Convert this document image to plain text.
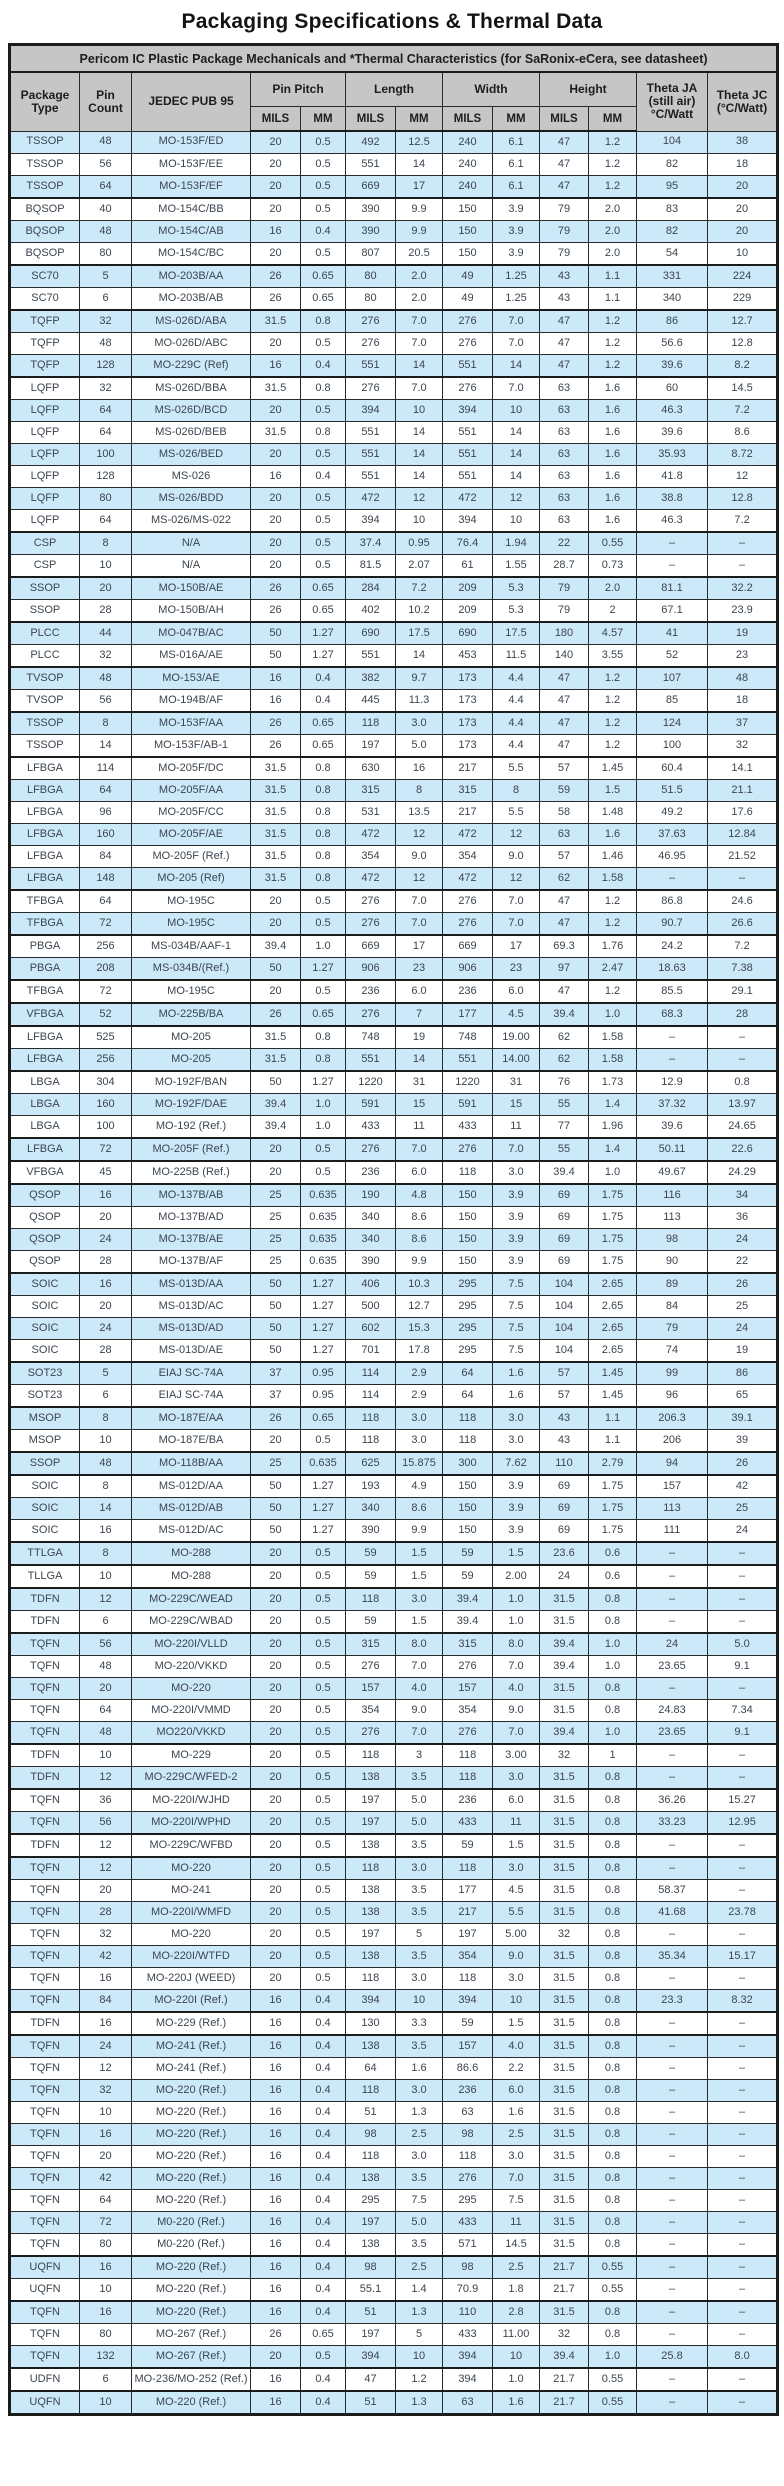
Packaging Specifications & Thermal Data
Pericom IC Plastic Package Mechanicals and *Thermal Characteristics (for SaRonix-eCera, see datasheet)												
Package Type	Pin Count	JEDEC PUB 95	Pin Pitch		Length		Width		Height		Theta JA (still air) °C/Watt	Theta JC (°C/Watt)
			MILS	MM	MILS	MM	MILS	MM	MILS	MM		
TSSOP	48	MO-153F/ED	20	0.5	492	12.5	240	6.1	47	1.2	104	38
TSSOP	56	MO-153F/EE	20	0.5	551	14	240	6.1	47	1.2	82	18
TSSOP	64	MO-153F/EF	20	0.5	669	17	240	6.1	47	1.2	95	20
BQSOP	40	MO-154C/BB	20	0.5	390	9.9	150	3.9	79	2.0	83	20
BQSOP	48	MO-154C/AB	16	0.4	390	9.9	150	3.9	79	2.0	82	20
BQSOP	80	MO-154C/BC	20	0.5	807	20.5	150	3.9	79	2.0	54	10
SC70	5	MO-203B/AA	26	0.65	80	2.0	49	1.25	43	1.1	331	224
SC70	6	MO-203B/AB	26	0.65	80	2.0	49	1.25	43	1.1	340	229
TQFP	32	MS-026D/ABA	31.5	0.8	276	7.0	276	7.0	47	1.2	86	12.7
TQFP	48	MO-026D/ABC	20	0.5	276	7.0	276	7.0	47	1.2	56.6	12.8
TQFP	128	MO-229C (Ref)	16	0.4	551	14	551	14	47	1.2	39.6	8.2
LQFP	32	MS-026D/BBA	31.5	0.8	276	7.0	276	7.0	63	1.6	60	14.5
LQFP	64	MS-026D/BCD	20	0.5	394	10	394	10	63	1.6	46.3	7.2
LQFP	64	MS-026D/BEB	31.5	0.8	551	14	551	14	63	1.6	39.6	8.6
LQFP	100	MS-026/BED	20	0.5	551	14	551	14	63	1.6	35.93	8.72
LQFP	128	MS-026	16	0.4	551	14	551	14	63	1.6	41.8	12
LQFP	80	MS-026/BDD	20	0.5	472	12	472	12	63	1.6	38.8	12.8
LQFP	64	MS-026/MS-022	20	0.5	394	10	394	10	63	1.6	46.3	7.2
CSP	8	N/A	20	0.5	37.4	0.95	76.4	1.94	22	0.55	–	–
CSP	10	N/A	20	0.5	81.5	2.07	61	1.55	28.7	0.73	–	–
SSOP	20	MO-150B/AE	26	0.65	284	7.2	209	5.3	79	2.0	81.1	32.2
SSOP	28	MO-150B/AH	26	0.65	402	10.2	209	5.3	79	2	67.1	23.9
PLCC	44	MO-047B/AC	50	1.27	690	17.5	690	17.5	180	4.57	41	19
PLCC	32	MS-016A/AE	50	1.27	551	14	453	11.5	140	3.55	52	23
TVSOP	48	MO-153/AE	16	0.4	382	9.7	173	4.4	47	1.2	107	48
TVSOP	56	MO-194B/AF	16	0.4	445	11.3	173	4.4	47	1.2	85	18
TSSOP	8	MO-153F/AA	26	0.65	118	3.0	173	4.4	47	1.2	124	37
TSSOP	14	MO-153F/AB-1	26	0.65	197	5.0	173	4.4	47	1.2	100	32
LFBGA	114	MO-205F/DC	31.5	0.8	630	16	217	5.5	57	1.45	60.4	14.1
LFBGA	64	MO-205F/AA	31.5	0.8	315	8	315	8	59	1.5	51.5	21.1
LFBGA	96	MO-205F/CC	31.5	0.8	531	13.5	217	5.5	58	1.48	49.2	17.6
LFBGA	160	MO-205F/AE	31.5	0.8	472	12	472	12	63	1.6	37.63	12.84
LFBGA	84	MO-205F (Ref.)	31.5	0.8	354	9.0	354	9.0	57	1.46	46.95	21.52
LFBGA	148	MO-205 (Ref)	31.5	0.8	472	12	472	12	62	1.58	–	–
TFBGA	64	MO-195C	20	0.5	276	7.0	276	7.0	47	1.2	86.8	24.6
TFBGA	72	MO-195C	20	0.5	276	7.0	276	7.0	47	1.2	90.7	26.6
PBGA	256	MS-034B/AAF-1	39.4	1.0	669	17	669	17	69.3	1.76	24.2	7.2
PBGA	208	MS-034B/(Ref.)	50	1.27	906	23	906	23	97	2.47	18.63	7.38
TFBGA	72	MO-195C	20	0.5	236	6.0	236	6.0	47	1.2	85.5	29.1
VFBGA	52	MO-225B/BA	26	0.65	276	7	177	4.5	39.4	1.0	68.3	28
LFBGA	525	MO-205	31.5	0.8	748	19	748	19.00	62	1.58	–	–
LFBGA	256	MO-205	31.5	0.8	551	14	551	14.00	62	1.58	–	–
LBGA	304	MO-192F/BAN	50	1.27	1220	31	1220	31	76	1.73	12.9	0.8
LBGA	160	MO-192F/DAE	39.4	1.0	591	15	591	15	55	1.4	37.32	13.97
LBGA	100	MO-192 (Ref.)	39.4	1.0	433	11	433	11	77	1.96	39.6	24.65
LFBGA	72	MO-205F (Ref.)	20	0.5	276	7.0	276	7.0	55	1.4	50.11	22.6
VFBGA	45	MO-225B (Ref.)	20	0.5	236	6.0	118	3.0	39.4	1.0	49.67	24.29
QSOP	16	MO-137B/AB	25	0.635	190	4.8	150	3.9	69	1.75	116	34
QSOP	20	MO-137B/AD	25	0.635	340	8.6	150	3.9	69	1.75	113	36
QSOP	24	MO-137B/AE	25	0.635	340	8.6	150	3.9	69	1.75	98	24
QSOP	28	MO-137B/AF	25	0.635	390	9.9	150	3.9	69	1.75	90	22
SOIC	16	MS-013D/AA	50	1.27	406	10.3	295	7.5	104	2.65	89	26
SOIC	20	MS-013D/AC	50	1.27	500	12.7	295	7.5	104	2.65	84	25
SOIC	24	MS-013D/AD	50	1.27	602	15.3	295	7.5	104	2.65	79	24
SOIC	28	MS-013D/AE	50	1.27	701	17.8	295	7.5	104	2.65	74	19
SOT23	5	EIAJ SC-74A	37	0.95	114	2.9	64	1.6	57	1.45	99	86
SOT23	6	EIAJ SC-74A	37	0.95	114	2.9	64	1.6	57	1.45	96	65
MSOP	8	MO-187E/AA	26	0.65	118	3.0	118	3.0	43	1.1	206.3	39.1
MSOP	10	MO-187E/BA	20	0.5	118	3.0	118	3.0	43	1.1	206	39
SSOP	48	MO-118B/AA	25	0.635	625	15.875	300	7.62	110	2.79	94	26
SOIC	8	MS-012D/AA	50	1.27	193	4.9	150	3.9	69	1.75	157	42
SOIC	14	MS-012D/AB	50	1.27	340	8.6	150	3.9	69	1.75	113	25
SOIC	16	MS-012D/AC	50	1.27	390	9.9	150	3.9	69	1.75	111	24
TTLGA	8	MO-288	20	0.5	59	1.5	59	1.5	23.6	0.6	–	–
TLLGA	10	MO-288	20	0.5	59	1.5	59	2.00	24	0.6	–	–
TDFN	12	MO-229C/WEAD	20	0.5	118	3.0	39.4	1.0	31.5	0.8	–	–
TDFN	6	MO-229C/WBAD	20	0.5	59	1.5	39.4	1.0	31.5	0.8	–	–
TQFN	56	MO-220I/VLLD	20	0.5	315	8.0	315	8.0	39.4	1.0	24	5.0
TQFN	48	MO-220/VKKD	20	0.5	276	7.0	276	7.0	39.4	1.0	23.65	9.1
TQFN	20	MO-220	20	0.5	157	4.0	157	4.0	31.5	0.8	–	–
TQFN	64	MO-220I/VMMD	20	0.5	354	9.0	354	9.0	31.5	0.8	24.83	7.34
TQFN	48	MO220/VKKD	20	0.5	276	7.0	276	7.0	39.4	1.0	23.65	9.1
TDFN	10	MO-229	20	0.5	118	3	118	3.00	32	1	–	–
TDFN	12	MO-229C/WFED-2	20	0.5	138	3.5	118	3.0	31.5	0.8	–	–
TQFN	36	MO-220I/WJHD	20	0.5	197	5.0	236	6.0	31.5	0.8	36.26	15.27
TQFN	56	MO-220I/WPHD	20	0.5	197	5.0	433	11	31.5	0.8	33.23	12.95
TDFN	12	MO-229C/WFBD	20	0.5	138	3.5	59	1.5	31.5	0.8	–	–
TQFN	12	MO-220	20	0.5	118	3.0	118	3.0	31.5	0.8	–	–
TQFN	20	MO-241	20	0.5	138	3.5	177	4.5	31.5	0.8	58.37	–
TQFN	28	MO-220I/WMFD	20	0.5	138	3.5	217	5.5	31.5	0.8	41.68	23.78
TQFN	32	MO-220	20	0.5	197	5	197	5.00	32	0.8	–	–
TQFN	42	MO-220I/WTFD	20	0.5	138	3.5	354	9.0	31.5	0.8	35.34	15.17
TQFN	16	MO-220J (WEED)	20	0.5	118	3.0	118	3.0	31.5	0.8	–	–
TQFN	84	MO-220I (Ref.)	16	0.4	394	10	394	10	31.5	0.8	23.3	8.32
TDFN	16	MO-229 (Ref.)	16	0.4	130	3.3	59	1.5	31.5	0.8	–	–
TQFN	24	MO-241 (Ref.)	16	0.4	138	3.5	157	4.0	31.5	0.8	–	–
TQFN	12	MO-241 (Ref.)	16	0.4	64	1.6	86.6	2.2	31.5	0.8	–	–
TQFN	32	MO-220 (Ref.)	16	0.4	118	3.0	236	6.0	31.5	0.8	–	–
TQFN	10	MO-220 (Ref.)	16	0.4	51	1.3	63	1.6	31.5	0.8	–	–
TQFN	16	MO-220 (Ref.)	16	0.4	98	2.5	98	2.5	31.5	0.8	–	–
TQFN	20	MO-220 (Ref.)	16	0.4	118	3.0	118	3.0	31.5	0.8	–	–
TQFN	42	MO-220 (Ref.)	16	0.4	138	3.5	276	7.0	31.5	0.8	–	–
TQFN	64	MO-220 (Ref.)	16	0.4	295	7.5	295	7.5	31.5	0.8	–	–
TQFN	72	M0-220 (Ref.)	16	0.4	197	5.0	433	11	31.5	0.8	–	–
TQFN	80	M0-220 (Ref.)	16	0.4	138	3.5	571	14.5	31.5	0.8	–	–
UQFN	16	MO-220 (Ref.)	16	0.4	98	2.5	98	2.5	21.7	0.55	–	–
UQFN	10	MO-220 (Ref.)	16	0.4	55.1	1.4	70.9	1.8	21.7	0.55	–	–
TQFN	16	MO-220 (Ref.)	16	0.4	51	1.3	110	2.8	31.5	0.8	–	–
TQFN	80	MO-267 (Ref.)	26	0.65	197	5	433	11.00	32	0.8	–	–
TQFN	132	MO-267 (Ref.)	20	0.5	394	10	394	10	39.4	1.0	25.8	8.0
UDFN	6	MO-236/MO-252 (Ref.)	16	0.4	47	1.2	394	1.0	21.7	0.55	–	–
UQFN	10	MO-220 (Ref.)	16	0.4	51	1.3	63	1.6	21.7	0.55	–	–
